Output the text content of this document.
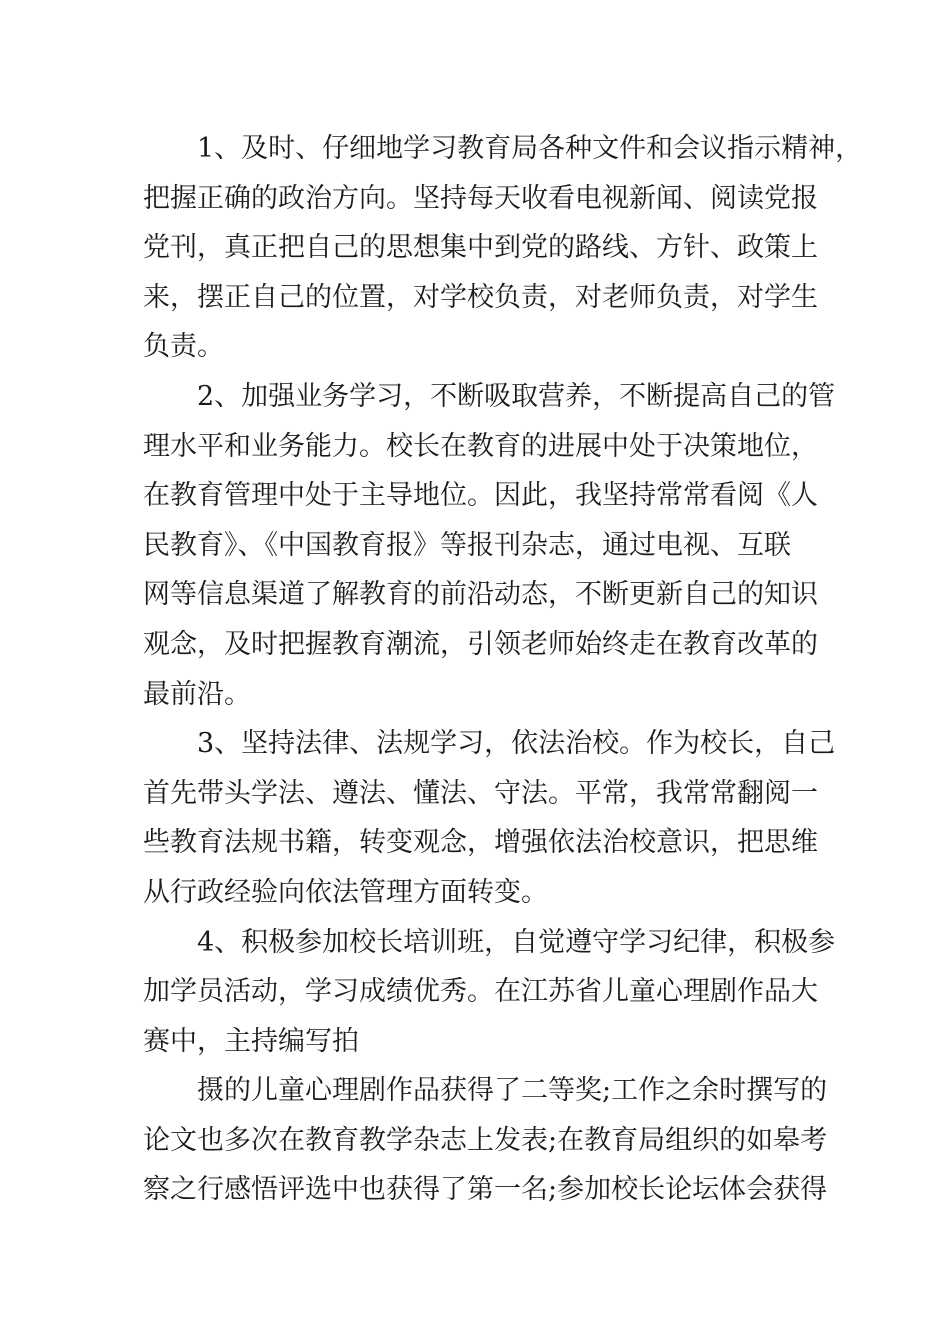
1、及时、仔细地学习教育局各种文件和会议指示精神，
把握正确的政治方向。坚持每天收看电视新闻、阅读党报
党刊，真正把自己的思想集中到党的路线、方针、政策上
来，摆正自己的位置，对学校负责，对老师负责，对学生
负责。
2、加强业务学习，不断吸取营养，不断提高自己的管
理水平和业务能力。校长在教育的进展中处于决策地位，
在教育管理中处于主导地位。因此，我坚持常常看阅《人
民教育》、《中国教育报》等报刊杂志，通过电视、互联
网等信息渠道了解教育的前沿动态，不断更新自己的知识
观念，及时把握教育潮流，引领老师始终走在教育改革的
最前沿。
3、坚持法律、法规学习，依法治校。作为校长，自己
首先带头学法、遵法、懂法、守法。平常，我常常翻阅一
些教育法规书籍，转变观念，增强依法治校意识，把思维
从行政经验向依法管理方面转变。
4、积极参加校长培训班，自觉遵守学习纪律，积极参
加学员活动，学习成绩优秀。在江苏省儿童心理剧作品大
赛中，主持编写拍
摄的儿童心理剧作品获得了二等奖;工作之余时撰写的
论文也多次在教育教学杂志上发表;在教育局组织的如皋考
察之行感悟评选中也获得了第一名;参加校长论坛体会获得
